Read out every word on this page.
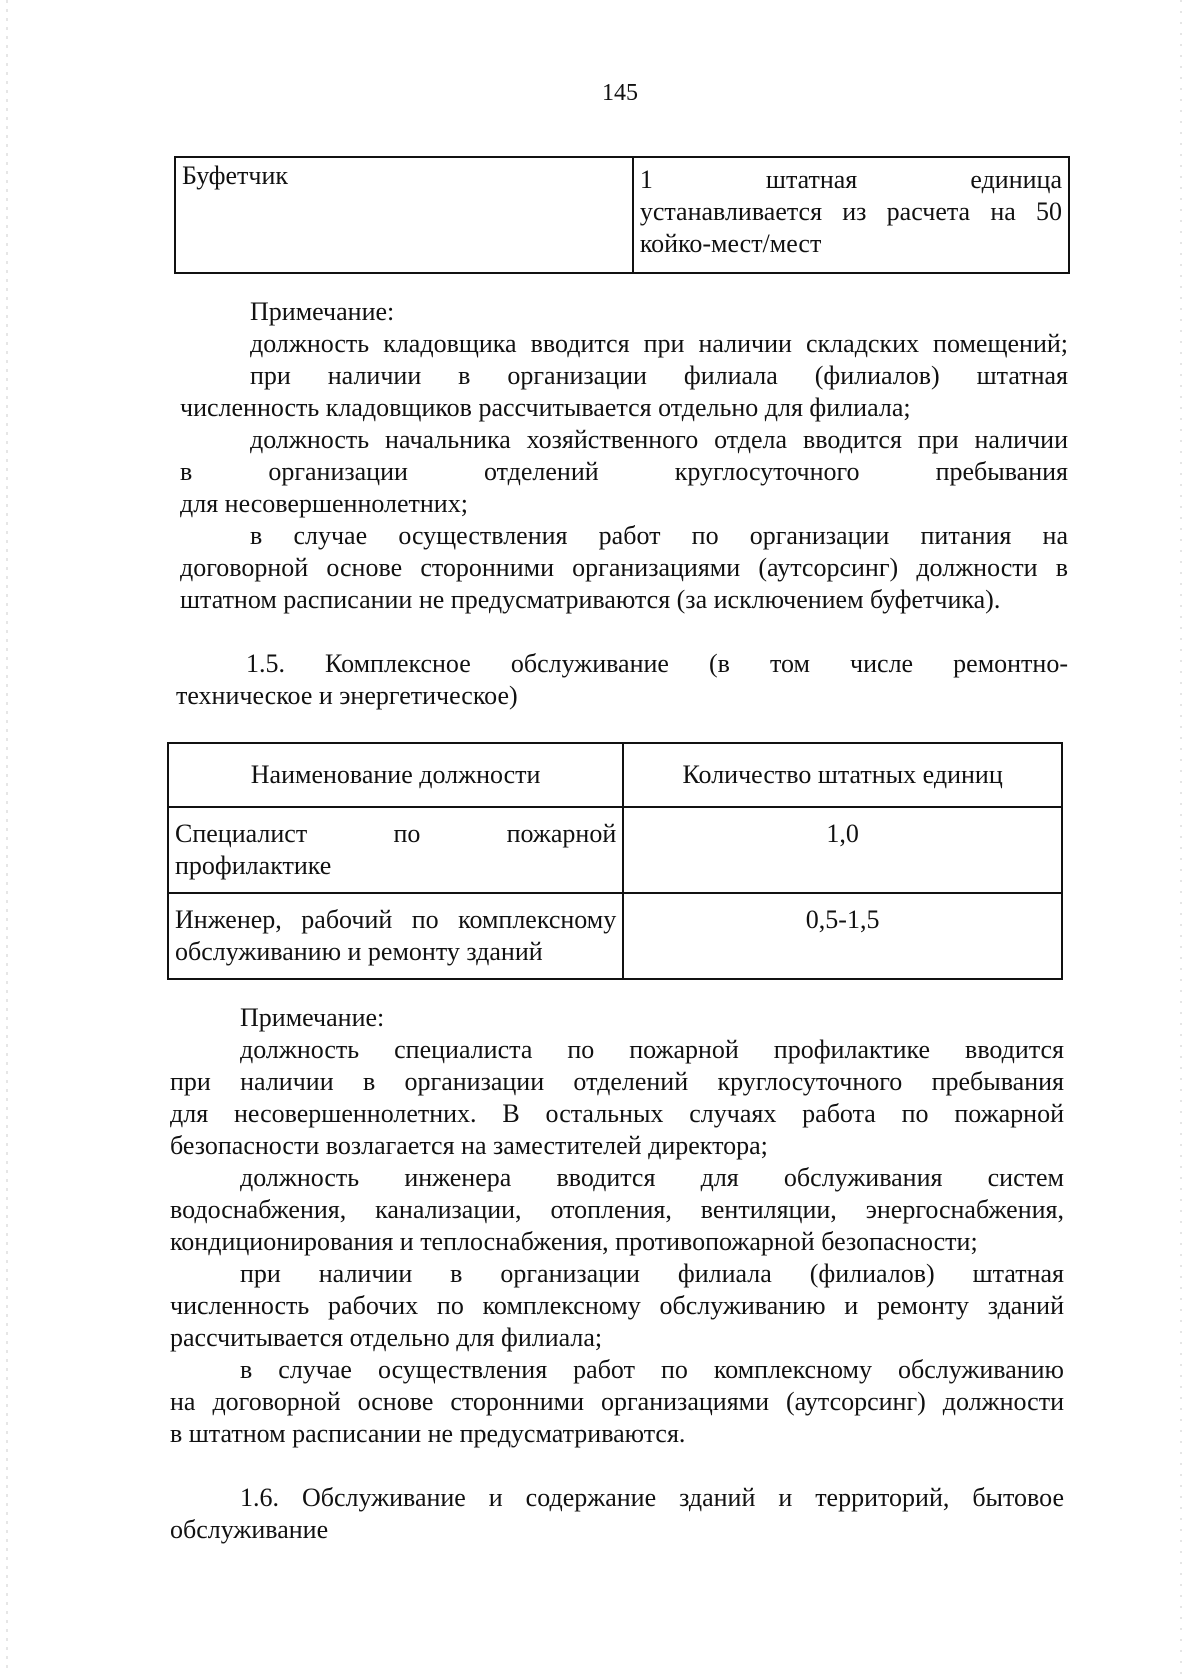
145
Буфетчик	1 штатная единица
устанавливается из расчета на 50
койко-мест/мест
Примечание:
должность кладовщика вводится при наличии складских помещений;
при наличии в организации филиала (филиалов) штатная
численность кладовщиков рассчитывается отдельно для филиала;
должность начальника хозяйственного отдела вводится при наличии
в организации отделений круглосуточного пребывания
для несовершеннолетних;
в случае осуществления работ по организации питания на
договорной основе сторонними организациями (аутсорсинг) должности в
штатном расписании не предусматриваются (за исключением буфетчика).
1.5. Комплексное обслуживание (в том числе ремонтно-
техническое и энергетическое)
Наименование должности	Количество штатных единиц

Специалист по пожарной
профилактике	1,0

Инженер, рабочий по комплексному
обслуживанию и ремонту зданий	0,5-1,5
Примечание:
должность специалиста по пожарной профилактике вводится
при наличии в организации отделений круглосуточного пребывания
для несовершеннолетних. В остальных случаях работа по пожарной
безопасности возлагается на заместителей директора;
должность инженера вводится для обслуживания систем
водоснабжения, канализации, отопления, вентиляции, энергоснабжения,
кондиционирования и теплоснабжения, противопожарной безопасности;
при наличии в организации филиала (филиалов) штатная
численность рабочих по комплексному обслуживанию и ремонту зданий
рассчитывается отдельно для филиала;
в случае осуществления работ по комплексному обслуживанию
на договорной основе сторонними организациями (аутсорсинг) должности
в штатном расписании не предусматриваются.
1.6. Обслуживание и содержание зданий и территорий, бытовое
обслуживание
